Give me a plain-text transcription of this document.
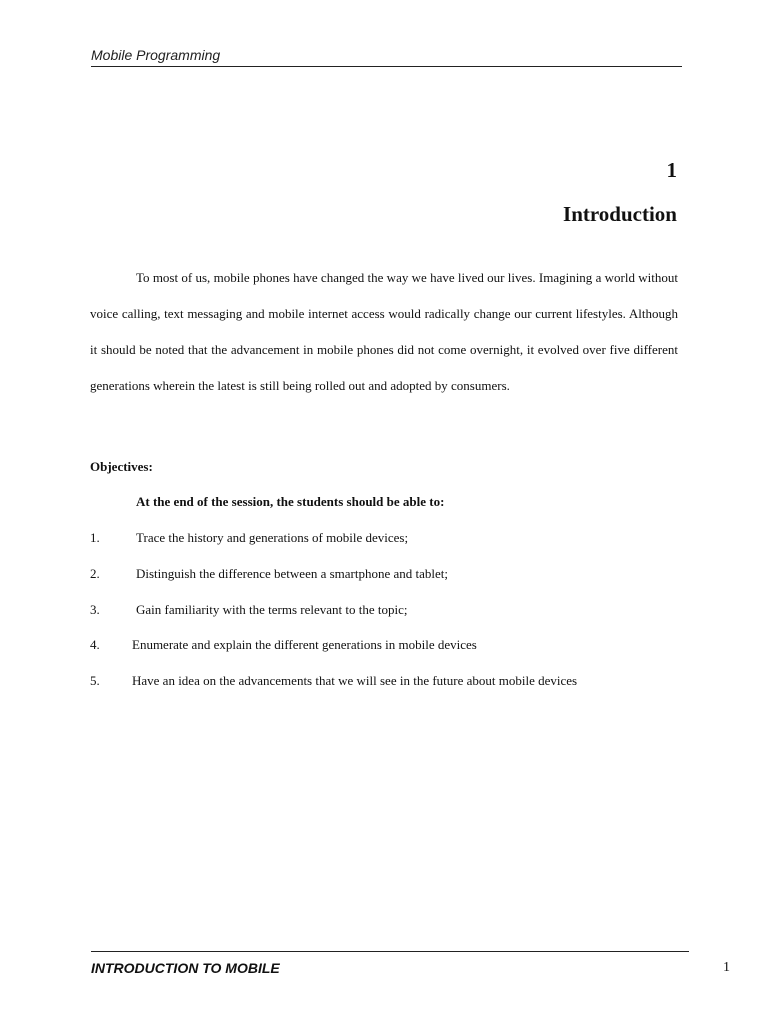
Mobile Programming
1
Introduction

To most of us, mobile phones have changed the way we have lived our lives. Imagining a world without voice calling, text messaging and mobile internet access would radically change our current lifestyles. Although it should be noted that the advancement in mobile phones did not come overnight, it evolved over five different generations wherein the latest is still being rolled out and adopted by consumers.

Objectives:
At the end of the session, the students should be able to:
1.	Trace the history and generations of mobile devices;
2.	Distinguish the difference between a smartphone and tablet;
3.	Gain familiarity with the terms relevant to the topic;
4. Enumerate and explain the different generations in mobile devices
5. Have an idea on the advancements that we will see in the future about mobile devices
INTRODUCTION TO MOBILE	1
